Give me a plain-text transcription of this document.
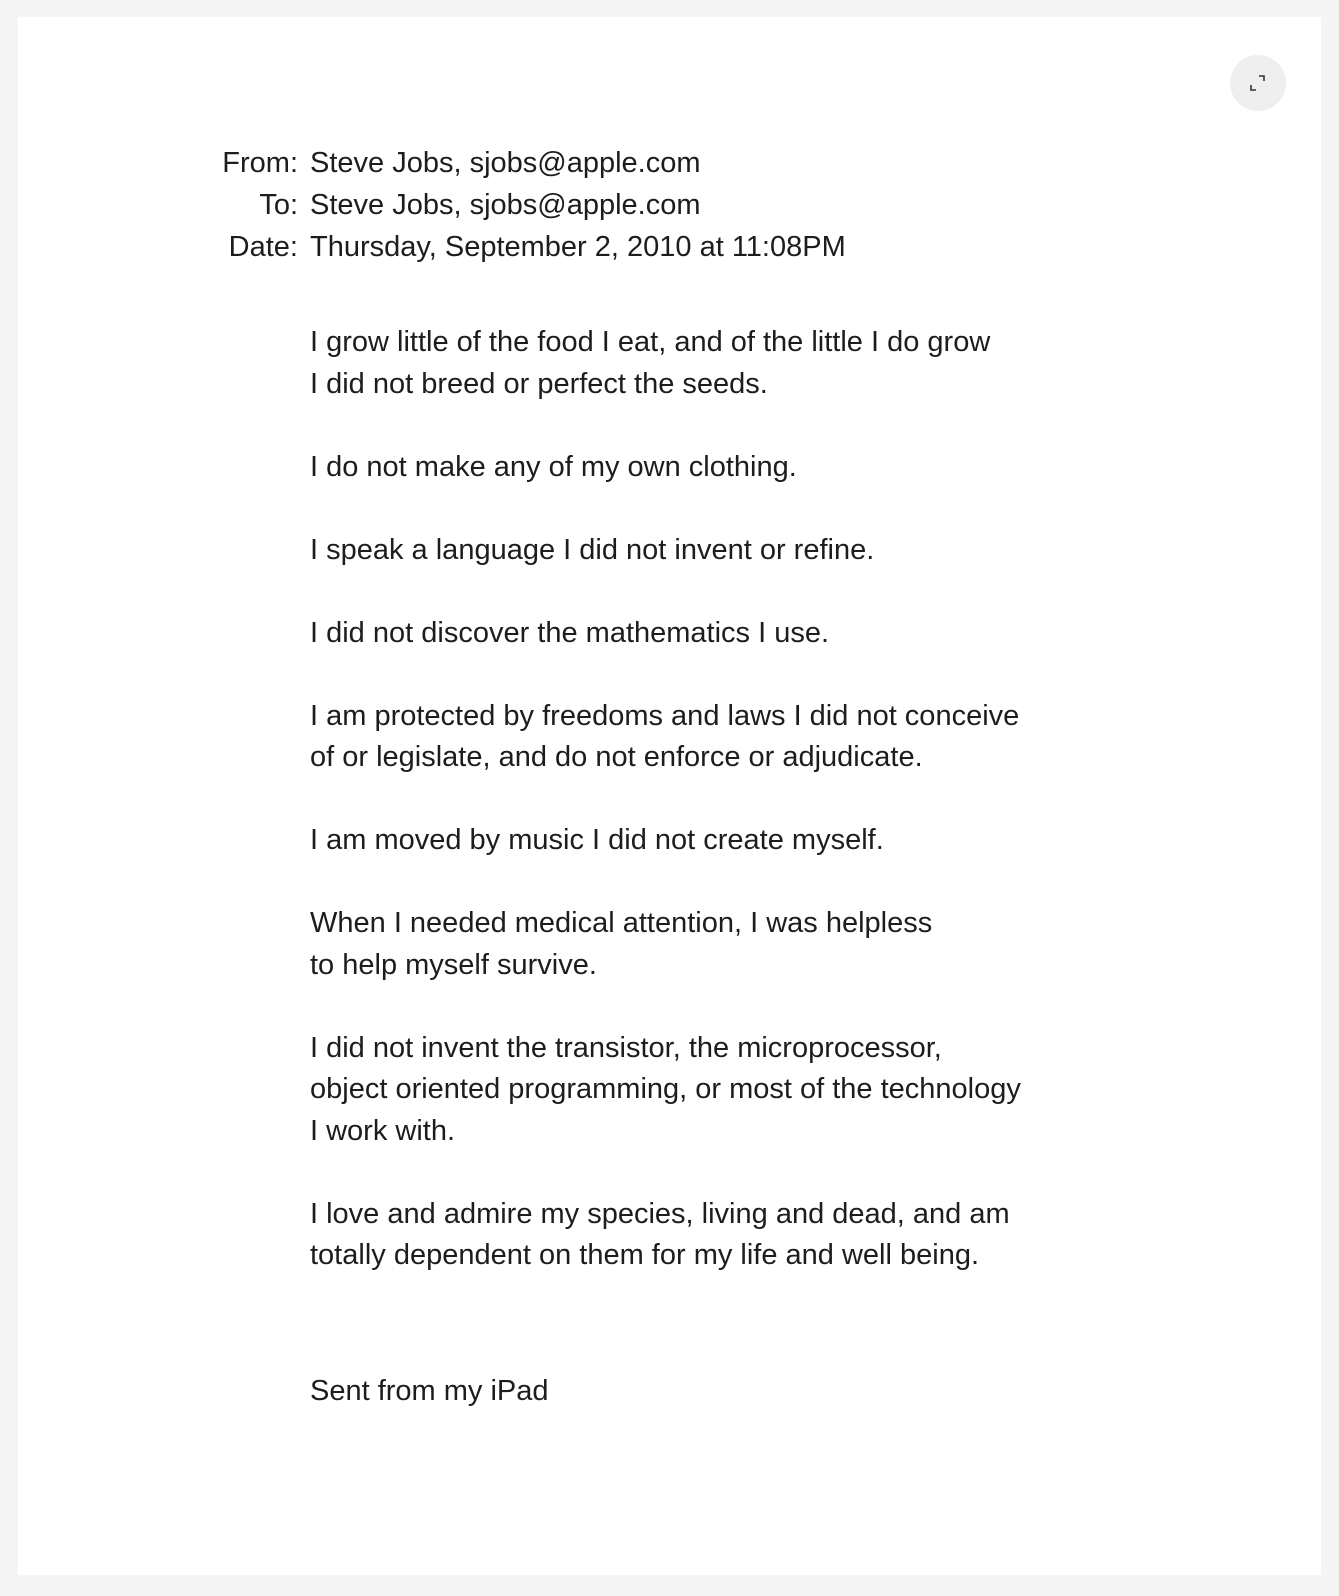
From: Steve Jobs, sjobs@apple.com
To: Steve Jobs, sjobs@apple.com
Date: Thursday, September 2, 2010 at 11:08PM

I grow little of the food I eat, and of the little I do grow
I did not breed or perfect the seeds.

I do not make any of my own clothing.

I speak a language I did not invent or refine.

I did not discover the mathematics I use.

I am protected by freedoms and laws I did not conceive
of or legislate, and do not enforce or adjudicate.

I am moved by music I did not create myself.

When I needed medical attention, I was helpless
to help myself survive.

I did not invent the transistor, the microprocessor,
object oriented programming, or most of the technology
I work with.

I love and admire my species, living and dead, and am
totally dependent on them for my life and well being.

Sent from my iPad
